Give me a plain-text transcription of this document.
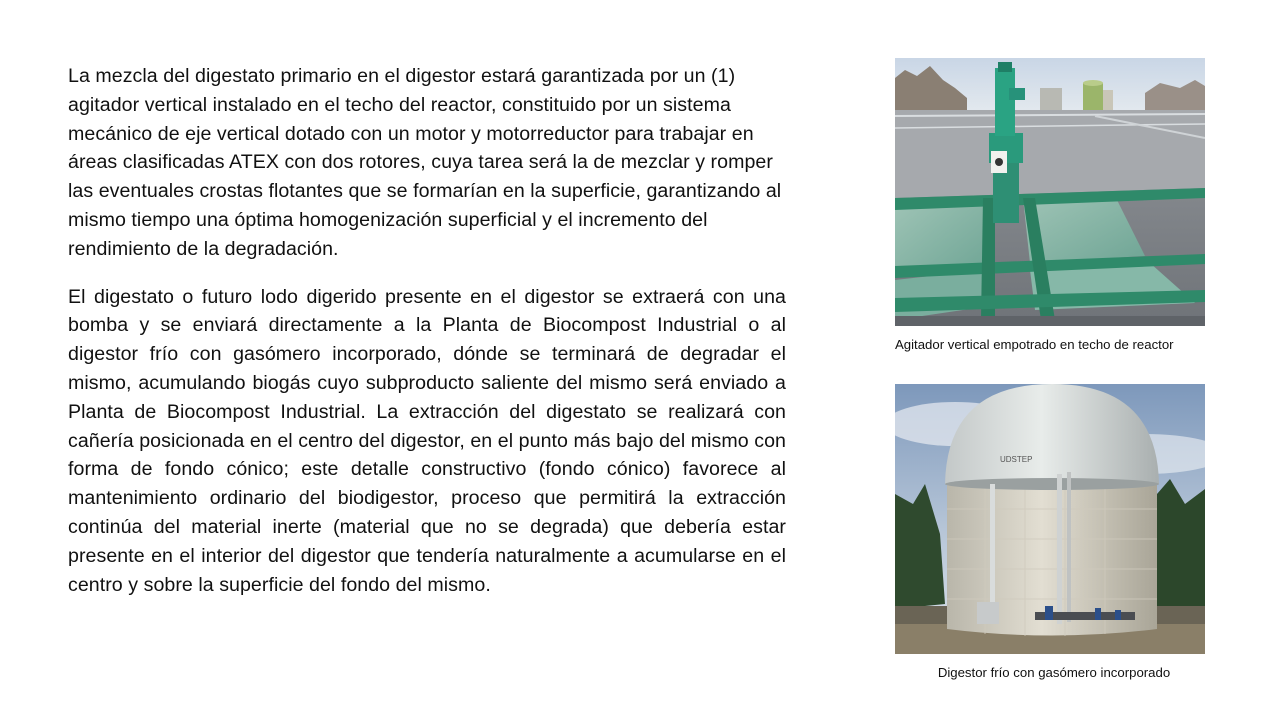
La mezcla del digestato primario en el digestor estará garantizada por un (1) agitador vertical instalado en el techo del reactor, constituido por un sistema mecánico de eje vertical dotado con un motor y motorreductor para trabajar en áreas clasificadas ATEX con dos rotores, cuya tarea será la de mezclar y romper las eventuales crostas flotantes que se formarían en la superficie, garantizando al mismo tiempo una óptima homogenización superficial y el incremento del rendimiento de la degradación.

El digestato o futuro lodo digerido presente en el digestor se extraerá con una bomba y se enviará directamente a la Planta de Biocompost Industrial o al digestor frío con gasómero incorporado, dónde se terminará de degradar el mismo, acumulando biogás cuyo subproducto saliente del mismo será enviado a Planta de Biocompost Industrial. La extracción del digestato se realizará con cañería posicionada en el centro del digestor, en el punto más bajo del mismo con forma de fondo cónico; este detalle constructivo (fondo cónico) favorece al mantenimiento ordinario del biodigestor, proceso que permitirá la extracción continúa del material inerte (material que no se degrada) que debería estar presente en el interior del digestor que tendería naturalmente a acumularse en el centro y sobre la superficie del fondo del mismo.

Agitador vertical empotrado en techo de reactor
UDSTEP
Digestor frío con gasómero incorporado
